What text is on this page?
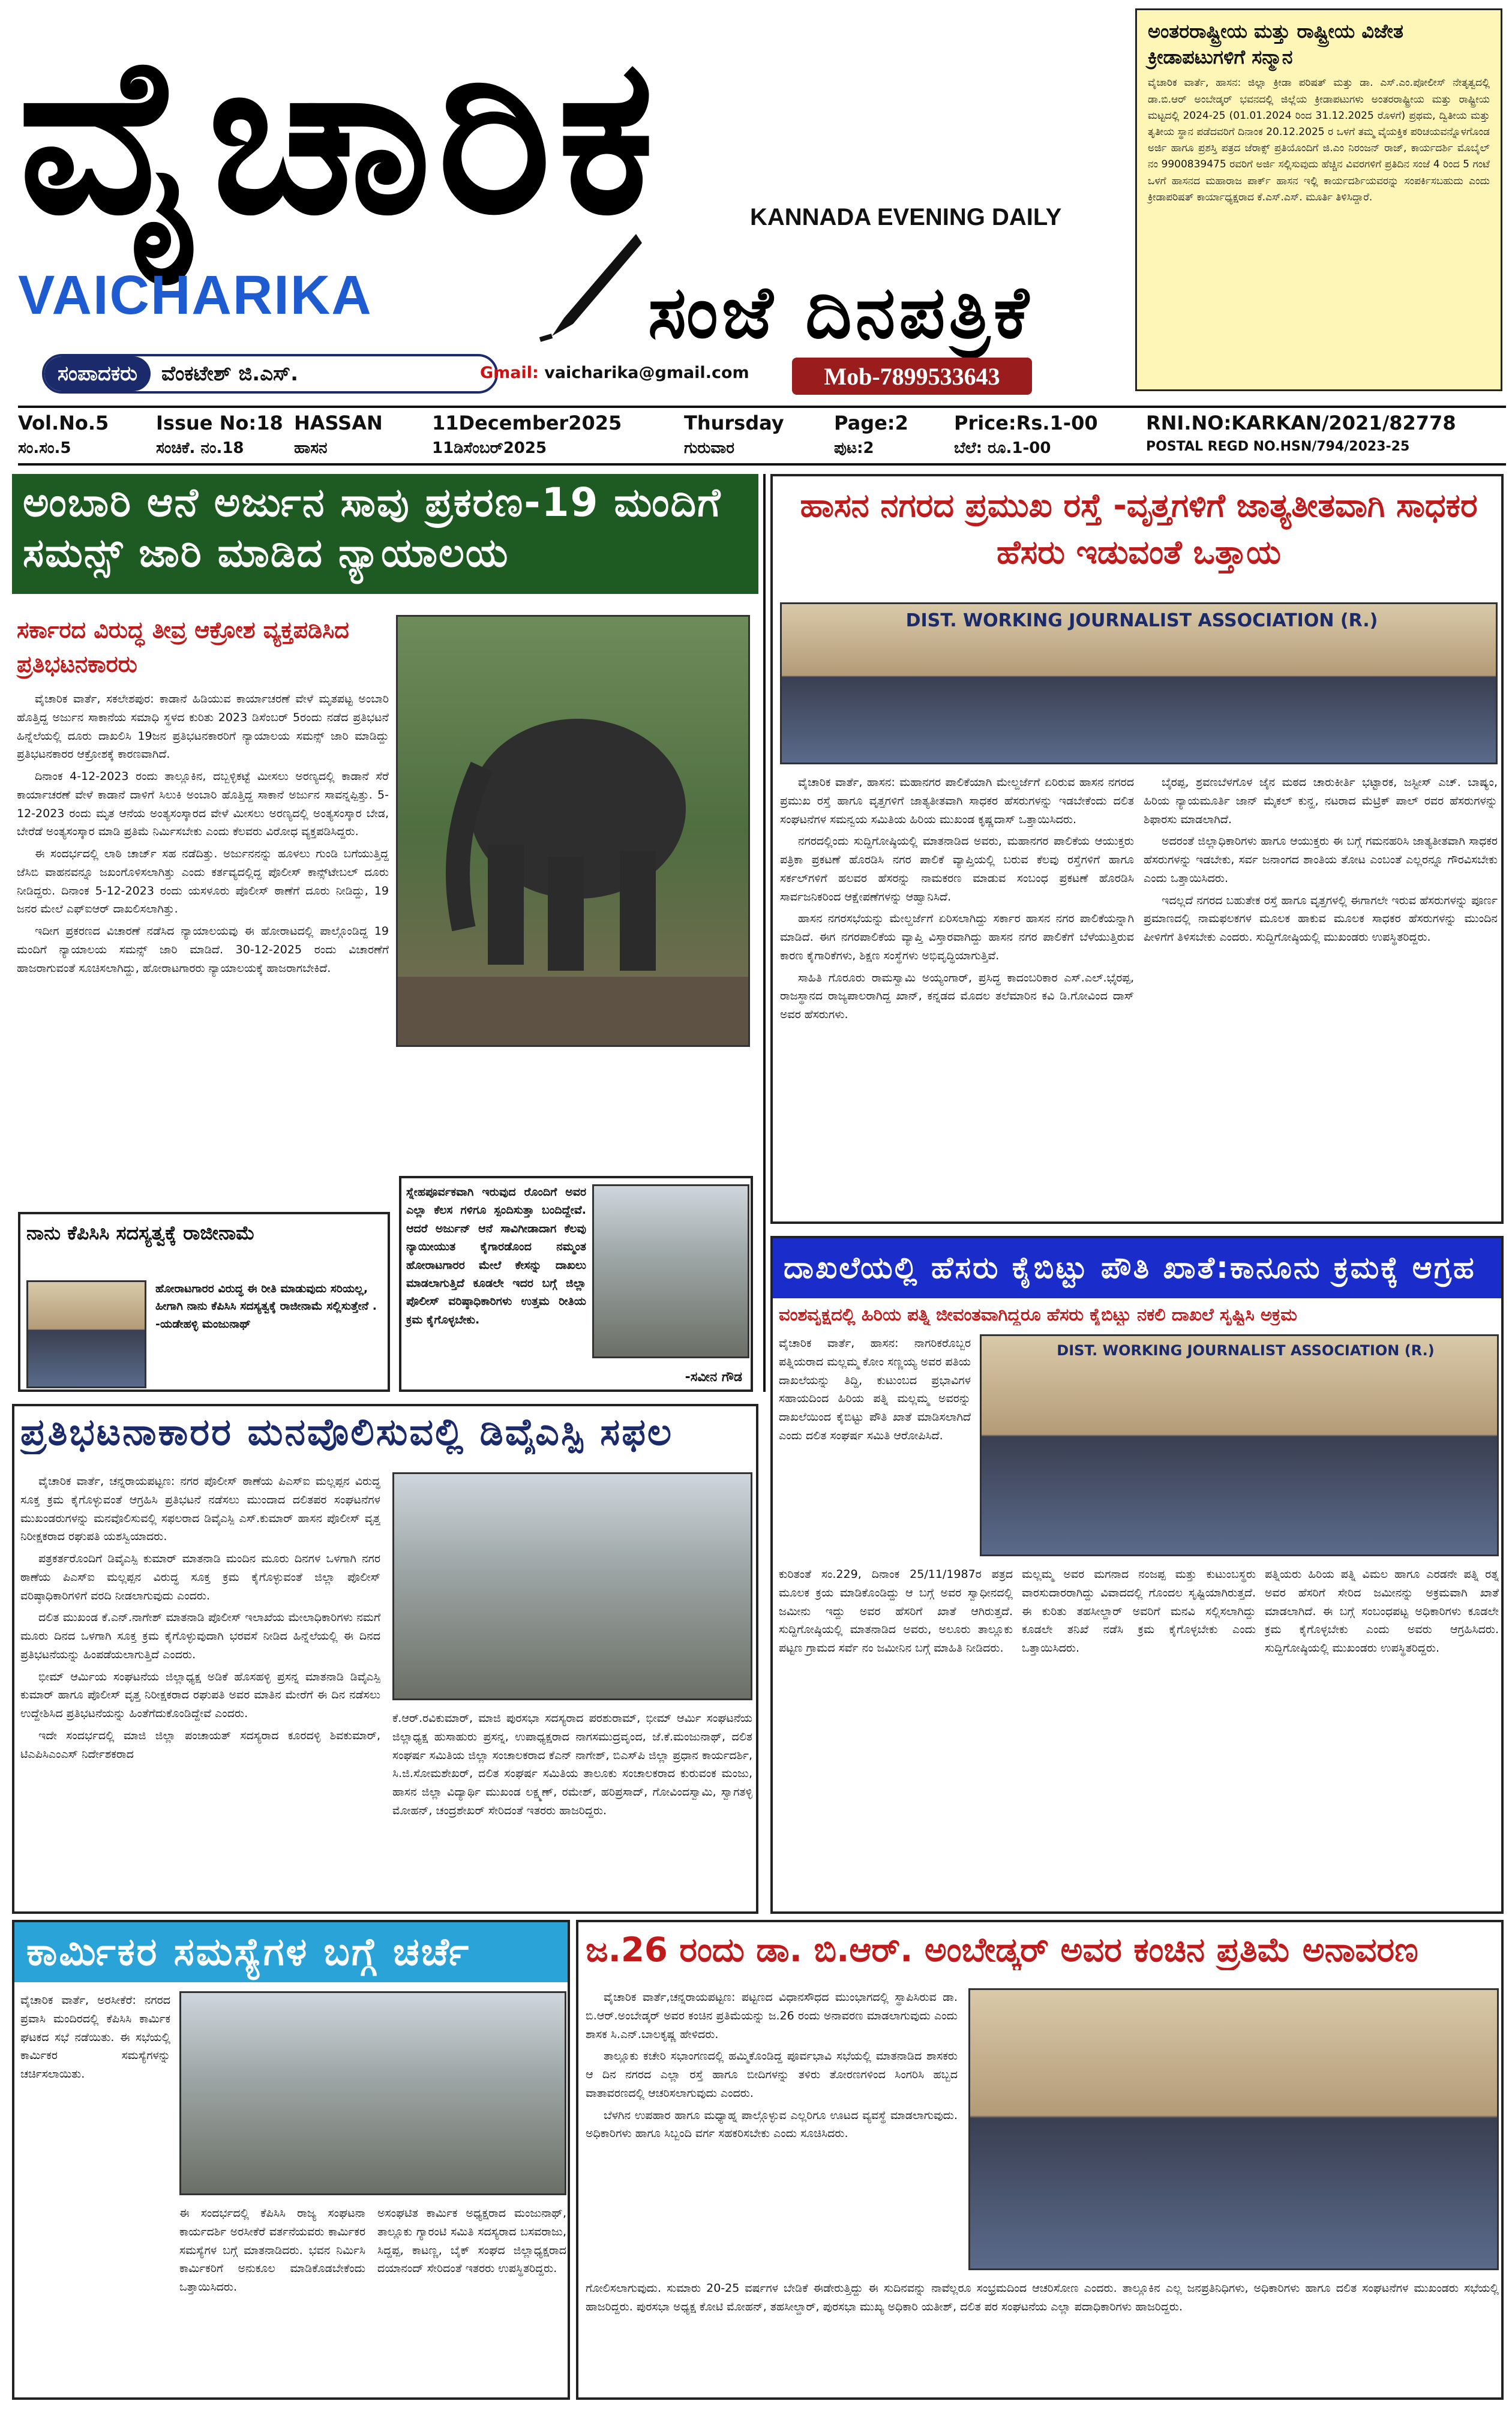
ವೈಚಾರಿಕ	KANNADA EVENING DAILY
VAICHARIKA	ಸಂಜೆ ದಿನಪತ್ರಿಕೆ
ಸಂಪಾದಕರು	ವೆಂಕಟೇಶ್ ಜಿ.ಎಸ್.	Gmail: vaicharika@gmail.com	Mob-7899533643
ಅಂತರರಾಷ್ಟ್ರೀಯ ಮತ್ತು ರಾಷ್ಟ್ರೀಯ ವಿಜೇತ ಕ್ರೀಡಾಪಟುಗಳಿಗೆ ಸನ್ಮಾನ
ವೈಚಾರಿಕ ವಾರ್ತೆ, ಹಾಸನ: ಜಿಲ್ಲಾ ಕ್ರೀಡಾ ಪರಿಷತ್ ಮತ್ತು ಡಾ. ಎಸ್.ಎಂ.ಪೋಲೀಸ್ ನೇತೃತ್ವದಲ್ಲಿ ಡಾ.ಬಿ.ಆರ್ ಅಂಬೇಡ್ಕರ್ ಭವನದಲ್ಲಿ ಜಿಲ್ಲೆಯ ಕ್ರೀಡಾಪಟುಗಳು ಅಂತರರಾಷ್ಟ್ರೀಯ ಮತ್ತು ರಾಷ್ಟ್ರೀಯ ಮಟ್ಟದಲ್ಲಿ 2024-25 (01.01.2024 ರಿಂದ 31.12.2025 ರೊಳಗೆ) ಪ್ರಥಮ, ದ್ವಿತೀಯ ಮತ್ತು ತೃತೀಯ ಸ್ಥಾನ ಪಡೆದವರಿಗೆ ದಿನಾಂಕ 20.12.2025 ರ ಒಳಗೆ ತಮ್ಮ ವೈಯಕ್ತಿಕ ಪರಿಚಯವನ್ನೊಳಗೊಂಡ ಅರ್ಜಿ ಹಾಗೂ ಪ್ರಶಸ್ತಿ ಪತ್ರದ ಜೆರಾಕ್ಸ್ ಪ್ರತಿಯೊಂದಿಗೆ ಜಿ.ಎಂ ನಿರಂಜನ್ ರಾಜ್, ಕಾರ್ಯದರ್ಶಿ ಮೊಬೈಲ್ ನಂ 9900839475 ರವರಿಗೆ ಅರ್ಜಿ ಸಲ್ಲಿಸುವುದು ಹೆಚ್ಚಿನ ವಿವರಗಳಿಗೆ ಪ್ರತಿದಿನ ಸಂಜೆ 4 ರಿಂದ 5 ಗಂಟೆ ಒಳಗೆ ಹಾಸನದ ಮಹಾರಾಜ ಪಾರ್ಕ್ ಹಾಸನ ಇಲ್ಲಿ ಕಾರ್ಯದರ್ಶಿಯವರನ್ನು ಸಂಪರ್ಕಿಸಬಹುದು ಎಂದು ಕ್ರೀಡಾಪರಿಷತ್ ಕಾರ್ಯಾಧ್ಯಕ್ಷರಾದ ಕೆ.ಎಸ್.ಎಸ್. ಮೂರ್ತಿ ತಿಳಿಸಿದ್ದಾರೆ.
Vol.No.5 Issue No:18 HASSAN	11December2025	Thursday	Page:2 Price:Rs.1-00	RNI.NO:KARKAN/2021/82778
ಸಂ.ಸಂ.5	ಸಂಚಿಕೆ. ನಂ.18	ಹಾಸನ	11ಡಿಸೆಂಬರ್2025	ಗುರುವಾರ	ಪುಟ:2	ಬೆಲೆ: ರೂ.1-00	POSTAL REGD NO.HSN/794/2023-25
ಅಂಬಾರಿ ಆನೆ ಅರ್ಜುನ ಸಾವು ಪ್ರಕರಣ-19 ಮಂದಿಗೆ ಸಮನ್ಸ್ ಜಾರಿ ಮಾಡಿದ ನ್ಯಾಯಾಲಯ
ಸರ್ಕಾರದ ವಿರುದ್ಧ ತೀವ್ರ ಆಕ್ರೋಶ ವ್ಯಕ್ತಪಡಿಸಿದ ಪ್ರತಿಭಟನಕಾರರು

ವೈಚಾರಿಕ ವಾರ್ತೆ, ಸಕಲೇಶಪುರ: ಕಾಡಾನೆ ಹಿಡಿಯುವ ಕಾರ್ಯಾಚರಣೆ ವೇಳೆ ಮೃತಪಟ್ಟ ಅಂಬಾರಿ ಹೊತ್ತಿದ್ದ ಅರ್ಜುನ ಸಾಕಾನೆಯ ಸಮಾಧಿ ಸ್ಥಳದ ಕುರಿತು 2023 ಡಿಸೆಂಬರ್ 5ರಂದು ನಡೆದ ಪ್ರತಿಭಟನೆ ಹಿನ್ನೆಲೆಯಲ್ಲಿ ದೂರು ದಾಖಲಿಸಿ 19ಜನ ಪ್ರತಿಭಟನಕಾರರಿಗೆ ನ್ಯಾಯಾಲಯ ಸಮನ್ಸ್ ಜಾರಿ ಮಾಡಿದ್ದು ಪ್ರತಿಭಟನಕಾರರ ಆಕ್ರೋಶಕ್ಕೆ ಕಾರಣವಾಗಿದೆ.

ದಿನಾಂಕ 4-12-2023 ರಂದು ತಾಲ್ಲೂಕಿನ, ದಬ್ಬಳ್ಳಿಕಟ್ಟೆ ಮೀಸಲು ಅರಣ್ಯದಲ್ಲಿ ಕಾಡಾನೆ ಸೆರೆ ಕಾರ್ಯಾಚರಣೆ ವೇಳೆ ಕಾಡಾನೆ ದಾಳಿಗೆ ಸಿಲುಕಿ ಅಂಬಾರಿ ಹೊತ್ತಿದ್ದ ಸಾಕಾನೆ ಅರ್ಜುನ ಸಾವನ್ನಪ್ಪಿತ್ತು. 5-12-2023 ರಂದು ಮೃತ ಆನೆಯ ಅಂತ್ಯಸಂಸ್ಕಾರದ ವೇಳೆ ಮೀಸಲು ಅರಣ್ಯದಲ್ಲಿ ಅಂತ್ಯಸಂಸ್ಕಾರ ಬೇಡ, ಬೇರೆಡೆ ಅಂತ್ಯಸಂಸ್ಕಾರ ಮಾಡಿ ಪ್ರತಿಮೆ ನಿರ್ಮಿಸಬೇಕು ಎಂದು ಕೆಲವರು ವಿರೋಧ ವ್ಯಕ್ತಪಡಿಸಿದ್ದರು.

ಈ ಸಂದರ್ಭದಲ್ಲಿ ಲಾಠಿ ಚಾರ್ಜ್ ಸಹ ನಡೆದಿತ್ತು. ಅರ್ಜುನನನ್ನು ಹೂಳಲು ಗುಂಡಿ ಬಗೆಯುತ್ತಿದ್ದ ಜೆಸಿಬಿ ವಾಹನವನ್ನೂ ಜಖಂಗೊಳಿಸಲಾಗಿತ್ತು ಎಂದು ಕರ್ತವ್ಯದಲ್ಲಿದ್ದ ಪೊಲೀಸ್ ಕಾನ್ಸ್‌ಟೇಬಲ್ ದೂರು ನೀಡಿದ್ದರು. ದಿನಾಂಕ 5-12-2023 ರಂದು ಯಸಳೂರು ಪೊಲೀಸ್ ಠಾಣೆಗೆ ದೂರು ನೀಡಿದ್ದು, 19 ಜನರ ಮೇಲೆ ಎಫ್‌ಐಆರ್ ದಾಖಲಿಸಲಾಗಿತ್ತು.

ಇದೀಗ ಪ್ರಕರಣದ ವಿಚಾರಣೆ ನಡೆಸಿದ ನ್ಯಾಯಾಲಯವು ಈ ಹೋರಾಟದಲ್ಲಿ ಪಾಲ್ಗೊಂಡಿದ್ದ 19 ಮಂದಿಗೆ ನ್ಯಾಯಾಲಯ ಸಮನ್ಸ್ ಜಾರಿ ಮಾಡಿದೆ. 30-12-2025 ರಂದು ವಿಚಾರಣೆಗೆ ಹಾಜರಾಗುವಂತೆ ಸೂಚಿಸಲಾಗಿದ್ದು, ಹೋರಾಟಗಾರರು ನ್ಯಾಯಾಲಯಕ್ಕೆ ಹಾಜರಾಗಬೇಕಿದೆ.

ನಾನು ಕೆಪಿಸಿಸಿ ಸದಸ್ಯತ್ವಕ್ಕೆ ರಾಜೀನಾಮೆ
ಹೋರಾಟಗಾರರ ವಿರುದ್ಧ ಈ ರೀತಿ ಮಾಡುವುದು ಸರಿಯಲ್ಲ, ಹೀಗಾಗಿ ನಾನು ಕೆಪಿಸಿಸಿ ಸದಸ್ಯತ್ವಕ್ಕೆ ರಾಜೀನಾಮೆ ಸಲ್ಲಿಸುತ್ತೇನೆ . -ಯಡೇಹಳ್ಳಿ ಮಂಜುನಾಥ್
ಸ್ನೇಹಪೂರ್ವಕವಾಗಿ ಇರುವುದ ರೊಂದಿಗೆ ಅವರ ಎಲ್ಲಾ ಕೆಲಸ ಗಳಿಗೂ ಸ್ಪಂದಿಸುತ್ತಾ ಬಂದಿದ್ದೇವೆ. ಆದರೆ ಅರ್ಜುನ್ ಆನೆ ಸಾವಿಗೀಡಾದಾಗ ಕೆಲವು ನ್ಯಾಯೀಯುತ ಕೈಗಾರಡೊಂದ ನಮ್ಮಂತ ಹೋರಾಟಗಾರರ ಮೇಲೆ ಕೇಸನ್ನು ದಾಖಲು ಮಾಡಲಾಗುತ್ತಿದೆ ಕೂಡಲೇ ಇದರ ಬಗ್ಗೆ ಜಿಲ್ಲಾ ಪೊಲೀಸ್ ವರಿಷ್ಠಾಧಿಕಾರಿಗಳು ಉತ್ತಮ ರೀತಿಯ ಕ್ರಮ ಕೈಗೊಳ್ಳಬೇಕು.
-ಸವೀನ ಗೌಡ
ಹಾಸನ ನಗರದ ಪ್ರಮುಖ ರಸ್ತೆ -ವೃತ್ತಗಳಿಗೆ ಜಾತ್ಯತೀತವಾಗಿ ಸಾಧಕರ ಹೆಸರು ಇಡುವಂತೆ ಒತ್ತಾಯ
DIST. WORKING JOURNALIST ASSOCIATION (R.)

ವೈಚಾರಿಕ ವಾರ್ತೆ, ಹಾಸನ: ಮಹಾನಗರ ಪಾಲಿಕೆಯಾಗಿ ಮೇಲ್ದರ್ಜೆಗೆ ಏರಿರುವ ಹಾಸನ ನಗರದ ಪ್ರಮುಖ ರಸ್ತೆ ಹಾಗೂ ವೃತ್ತಗಳಿಗೆ ಜಾತ್ಯತೀತವಾಗಿ ಸಾಧಕರ ಹೆಸರುಗಳನ್ನು ಇಡಬೇಕೆಂದು ದಲಿತ ಸಂಘಟನೆಗಳ ಸಮನ್ವಯ ಸಮಿತಿಯ ಹಿರಿಯ ಮುಖಂಡ ಕೃಷ್ಣದಾಸ್ ಒತ್ತಾಯಿಸಿದರು.

ನಗರದಲ್ಲಿಂದು ಸುದ್ದಿಗೋಷ್ಠಿಯಲ್ಲಿ ಮಾತನಾಡಿದ ಅವರು, ಮಹಾನಗರ ಪಾಲಿಕೆಯ ಆಯುಕ್ತರು ಪತ್ರಿಕಾ ಪ್ರಕಟಣೆ ಹೊರಡಿಸಿ ನಗರ ಪಾಲಿಕೆ ವ್ಯಾಪ್ತಿಯಲ್ಲಿ ಬರುವ ಕೆಲವು ರಸ್ತೆಗಳಿಗೆ ಹಾಗೂ ಸರ್ಕಲ್‌ಗಳಿಗೆ ಹಲವರ ಹೆಸರನ್ನು ನಾಮಕರಣ ಮಾಡುವ ಸಂಬಂಧ ಪ್ರಕಟಣೆ ಹೊರಡಿಸಿ ಸಾರ್ವಜನಿಕರಿಂದ ಆಕ್ಷೇಪಣೆಗಳನ್ನು ಆಹ್ವಾನಿಸಿದೆ.

ಹಾಸನ ನಗರಸಭೆಯನ್ನು ಮೇಲ್ದರ್ಜೆಗೆ ಏರಿಸಲಾಗಿದ್ದು ಸರ್ಕಾರ ಹಾಸನ ನಗರ ಪಾಲಿಕೆಯನ್ನಾಗಿ ಮಾಡಿದೆ. ಈಗ ನಗರಪಾಲಿಕೆಯ ವ್ಯಾಪ್ತಿ ವಿಸ್ತಾರವಾಗಿದ್ದು ಹಾಸನ ನಗರ ಪಾಲಿಕೆಗೆ ಬೆಳೆಯುತ್ತಿರುವ ಕಾರಣ ಕೈಗಾರಿಕೆಗಳು, ಶಿಕ್ಷಣ ಸಂಸ್ಥೆಗಳು ಅಭಿವೃದ್ಧಿಯಾಗುತ್ತಿವೆ.

ಸಾಹಿತಿ ಗೊರೂರು ರಾಮಸ್ವಾಮಿ ಅಯ್ಯಂಗಾರ್, ಪ್ರಸಿದ್ಧ ಕಾದಂಬರಿಕಾರ ಎಸ್.ಎಲ್.ಭೈರಪ್ಪ, ರಾಜಸ್ಥಾನದ ರಾಜ್ಯಪಾಲರಾಗಿದ್ದ ಖಾನ್, ಕನ್ನಡದ ಮೊದಲ ತಲೆಮಾರಿನ ಕವಿ ಡಿ.ಗೋವಿಂದ ದಾಸ್ ಅವರ ಹೆಸರುಗಳು.

ಬೈರಪ್ಪ, ಶ್ರವಣಬೆಳಗೊಳ ಜೈನ ಮಠದ ಚಾರುಕೀರ್ತಿ ಭಟ್ಟಾರಕ, ಜಸ್ಟೀಸ್ ಎಚ್. ಬಾಷ್ಯಂ, ಹಿರಿಯ ನ್ಯಾಯಮೂರ್ತಿ ಜಾನ್ ಮೈಕಲ್ ಕುನ್ಹ, ನಟರಾದ ಮೆಟ್ರಿಕ್ ಪಾಲ್ ರವರ ಹೆಸರುಗಳನ್ನು ಶಿಫಾರಸು ಮಾಡಲಾಗಿದೆ.

ಅದರಂತೆ ಜಿಲ್ಲಾಧಿಕಾರಿಗಳು ಹಾಗೂ ಆಯುಕ್ತರು ಈ ಬಗ್ಗೆ ಗಮನಹರಿಸಿ ಜಾತ್ಯತೀತವಾಗಿ ಸಾಧಕರ ಹೆಸರುಗಳನ್ನು ಇಡಬೇಕು, ಸರ್ವ ಜನಾಂಗದ ಶಾಂತಿಯ ತೋಟ ಎಂಬಂತೆ ಎಲ್ಲರನ್ನೂ ಗೌರವಿಸಬೇಕು ಎಂದು ಒತ್ತಾಯಿಸಿದರು.

ಇದಲ್ಲದೆ ನಗರದ ಬಹುತೇಕ ರಸ್ತೆ ಹಾಗೂ ವೃತ್ತಗಳಲ್ಲಿ ಈಗಾಗಲೇ ಇರುವ ಹೆಸರುಗಳನ್ನು ಪೂರ್ಣ ಪ್ರಮಾಣದಲ್ಲಿ ನಾಮಫಲಕಗಳ ಮೂಲಕ ಹಾಕುವ ಮೂಲಕ ಸಾಧಕರ ಹೆಸರುಗಳನ್ನು ಮುಂದಿನ ಪೀಳಿಗೆಗೆ ತಿಳಿಸಬೇಕು ಎಂದರು. ಸುದ್ದಿಗೋಷ್ಠಿಯಲ್ಲಿ ಮುಖಂಡರು ಉಪಸ್ಥಿತರಿದ್ದರು.

ದಾಖಲೆಯಲ್ಲಿ ಹೆಸರು ಕೈಬಿಟ್ಟು ಪೌತಿ ಖಾತೆ:ಕಾನೂನು ಕ್ರಮಕ್ಕೆ ಆಗ್ರಹ
ವಂಶವೃಕ್ಷದಲ್ಲಿ ಹಿರಿಯ ಪತ್ನಿ ಜೀವಂತವಾಗಿದ್ದರೂ ಹೆಸರು ಕೈಬಿಟ್ಟು ನಕಲಿ ದಾಖಲೆ ಸೃಷ್ಟಿಸಿ ಅಕ್ರಮ
ವೈಚಾರಿಕ ವಾರ್ತೆ, ಹಾಸನ: ನಾಗರಿಕರೊಬ್ಬರ ಪತ್ನಿಯರಾದ ಮಲ್ಲಮ್ಮ ಕೋಂ ಸಣ್ಣಯ್ಯ ಅವರ ಪತಿಯ ದಾಖಲೆಯನ್ನು ತಿದ್ದಿ, ಕುಟುಂಬದ ಪ್ರಭಾವಿಗಳ ಸಹಾಯದಿಂದ ಹಿರಿಯ ಪತ್ನಿ ಮಲ್ಲಮ್ಮ ಅವರನ್ನು ದಾಖಲೆಯಿಂದ ಕೈಬಿಟ್ಟು ಪೌತಿ ಖಾತೆ ಮಾಡಿಸಲಾಗಿದೆ ಎಂದು ದಲಿತ ಸಂಘರ್ಷ ಸಮಿತಿ ಆರೋಪಿಸಿದೆ.
DIST. WORKING JOURNALIST ASSOCIATION (R.)
ಕುರಿತಂತೆ ಸಂ.229, ದಿನಾಂಕ 25/11/1987ರ ಪತ್ರದ ಮೂಲಕ ಕ್ರಯ ಮಾಡಿಕೊಂಡಿದ್ದು ಆ ಬಗ್ಗೆ ಅವರ ಸ್ವಾಧೀನದಲ್ಲಿ ಜಮೀನು ಇದ್ದು ಅವರ ಹೆಸರಿಗೆ ಖಾತೆ ಆಗಿರುತ್ತದೆ. ಸುದ್ದಿಗೋಷ್ಠಿಯಲ್ಲಿ ಮಾತನಾಡಿದ ಅವರು, ಅಲೂರು ತಾಲ್ಲೂಕು ಪಟ್ಟಣ ಗ್ರಾಮದ ಸರ್ವೆ ನಂ ಜಮೀನಿನ ಬಗ್ಗೆ ಮಾಹಿತಿ ನೀಡಿದರು.
ಮಲ್ಲಮ್ಮ ಅವರ ಮಗನಾದ ನಂಜಪ್ಪ ಮತ್ತು ಕುಟುಂಬಸ್ಥರು ವಾರಸುದಾರರಾಗಿದ್ದು ವಿವಾದದಲ್ಲಿ ಗೊಂದಲ ಸೃಷ್ಟಿಯಾಗಿರುತ್ತದೆ. ಈ ಕುರಿತು ತಹಸೀಲ್ದಾರ್ ಅವರಿಗೆ ಮನವಿ ಸಲ್ಲಿಸಲಾಗಿದ್ದು ಕೂಡಲೇ ತನಿಖೆ ನಡೆಸಿ ಕ್ರಮ ಕೈಗೊಳ್ಳಬೇಕು ಎಂದು ಒತ್ತಾಯಿಸಿದರು.
ಪತ್ನಿಯರು ಹಿರಿಯ ಪತ್ನಿ ವಿಮಲ ಹಾಗೂ ಎರಡನೇ ಪತ್ನಿ ರತ್ನ ಅವರ ಹೆಸರಿಗೆ ಸೇರಿದ ಜಮೀನನ್ನು ಅಕ್ರಮವಾಗಿ ಖಾತೆ ಮಾಡಲಾಗಿದೆ. ಈ ಬಗ್ಗೆ ಸಂಬಂಧಪಟ್ಟ ಅಧಿಕಾರಿಗಳು ಕೂಡಲೇ ಕ್ರಮ ಕೈಗೊಳ್ಳಬೇಕು ಎಂದು ಅವರು ಆಗ್ರಹಿಸಿದರು. ಸುದ್ದಿಗೋಷ್ಠಿಯಲ್ಲಿ ಮುಖಂಡರು ಉಪಸ್ಥಿತರಿದ್ದರು.
ಪ್ರತಿಭಟನಾಕಾರರ ಮನವೊಲಿಸುವಲ್ಲಿ ಡಿವೈಎಸ್ಪಿ ಸಫಲ

ವೈಚಾರಿಕ ವಾರ್ತೆ, ಚನ್ನರಾಯಪಟ್ಟಣ: ನಗರ ಪೊಲೀಸ್ ಠಾಣೆಯ ಪಿಎಸ್‌ಐ ಮಲ್ಲಪ್ಪನ ವಿರುದ್ಧ ಸೂಕ್ತ ಕ್ರಮ ಕೈಗೊಳ್ಳುವಂತೆ ಆಗ್ರಹಿಸಿ ಪ್ರತಿಭಟನೆ ನಡೆಸಲು ಮುಂದಾದ ದಲಿತಪರ ಸಂಘಟನೆಗಳ ಮುಖಂಡರುಗಳನ್ನು ಮನವೊಲಿಸುವಲ್ಲಿ ಸಫಲರಾದ ಡಿವೈಎಸ್ಪಿ ಎಸ್.ಕುಮಾರ್ ಹಾಸನ ಪೊಲೀಸ್ ವೃತ್ತ ನಿರೀಕ್ಷಕರಾದ ರಘುಪತಿ ಯಶಸ್ವಿಯಾದರು.

ಪತ್ರಕರ್ತರೊಂದಿಗೆ ಡಿವೈಎಸ್ಪಿ ಕುಮಾರ್ ಮಾತನಾಡಿ ಮಂದಿನ ಮೂರು ದಿನಗಳ ಒಳಗಾಗಿ ನಗರ ಠಾಣೆಯ ಪಿಎಸ್‌ಐ ಮಲ್ಲಪ್ಪನ ವಿರುದ್ಧ ಸೂಕ್ತ ಕ್ರಮ ಕೈಗೊಳ್ಳುವಂತೆ ಜಿಲ್ಲಾ ಪೊಲೀಸ್ ವರಿಷ್ಠಾಧಿಕಾರಿಗಳಿಗೆ ವರದಿ ನೀಡಲಾಗುವುದು ಎಂದರು.

ದಲಿತ ಮುಖಂಡ ಕೆ.ಎನ್.ನಾಗೇಶ್ ಮಾತನಾಡಿ ಪೊಲೀಸ್ ಇಲಾಖೆಯ ಮೇಲಾಧಿಕಾರಿಗಳು ನಮಗೆ ಮೂರು ದಿನದ ಒಳಗಾಗಿ ಸೂಕ್ತ ಕ್ರಮ ಕೈಗೊಳ್ಳುವುದಾಗಿ ಭರವಸೆ ನೀಡಿದ ಹಿನ್ನೆಲೆಯಲ್ಲಿ ಈ ದಿನದ ಪ್ರತಿಭಟನೆಯನ್ನು ಹಿಂಪಡೆಯಲಾಗುತ್ತಿದೆ ಎಂದರು.

ಭೀಮ್ ಆರ್ಮಿಯ ಸಂಘಟನೆಯ ಜಿಲ್ಲಾಧ್ಯಕ್ಷ ಅಡಿಕೆ ಹೊಸಹಳ್ಳಿ ಪ್ರಸನ್ನ ಮಾತನಾಡಿ ಡಿವೈಎಸ್ಪಿ ಕುಮಾರ್ ಹಾಗೂ ಪೊಲೀಸ್ ವೃತ್ತ ನಿರೀಕ್ಷಕರಾದ ರಘುಪತಿ ಅವರ ಮಾತಿನ ಮೇರೆಗೆ ಈ ದಿನ ನಡೆಸಲು ಉದ್ದೇಶಿಸಿದ ಪ್ರತಿಭಟನೆಯನ್ನು ಹಿಂತೆಗೆದುಕೊಂಡಿದ್ದೇವೆ ಎಂದರು.

ಇದೇ ಸಂದರ್ಭದಲ್ಲಿ ಮಾಜಿ ಜಿಲ್ಲಾ ಪಂಚಾಯತ್ ಸದಸ್ಯರಾದ ಕೂರದಳ್ಳಿ ಶಿವಕುಮಾರ್, ಟಿಎಪಿಸಿಎಂಎಸ್ ನಿರ್ದೇಶಕರಾದ

ಕೆ.ಆರ್.ರವಿಕುಮಾರ್, ಮಾಜಿ ಪುರಸಭಾ ಸದಸ್ಯರಾದ ಪರಶುರಾಮ್, ಭೀಮ್ ಆರ್ಮಿ ಸಂಘಟನೆಯ ಜಿಲ್ಲಾಧ್ಯಕ್ಷ ಹುಸಾಹುರು ಪ್ರಸನ್ನ, ಉಪಾಧ್ಯಕ್ಷರಾದ ನಾಗಸಮುದ್ರವೃಂದ, ಜೆ.ಕೆ.ಮಂಜುನಾಥ್, ದಲಿತ ಸಂಘರ್ಷ ಸಮಿತಿಯ ಜಿಲ್ಲಾ ಸಂಚಾಲಕರಾದ ಕೆಎನ್ ನಾಗೇಶ್, ಬಿಎಸ್‌ಪಿ ಜಿಲ್ಲಾ ಪ್ರಧಾನ ಕಾರ್ಯದರ್ಶಿ, ಸಿ.ಜಿ.ಸೋಮಶೇಖರ್, ದಲಿತ ಸಂಘರ್ಷ ಸಮಿತಿಯ ತಾಲೂಕು ಸಂಚಾಲಕರಾದ ಕುರುವಂಕ ಮಂಜು, ಹಾಸನ ಜಿಲ್ಲಾ ವಿದ್ಯಾರ್ಥಿ ಮುಖಂಡ ಲಕ್ಷ್ಮಣ್, ರಮೇಶ್, ಹರಿಪ್ರಸಾದ್, ಗೋವಿಂದಸ್ವಾಮಿ, ಸ್ವಾಗತಳ್ಳಿ ಮೋಹನ್, ಚಂದ್ರಶೇಖರ್ ಸೇರಿದಂತೆ ಇತರರು ಹಾಜರಿದ್ದರು.
ಕಾರ್ಮಿಕರ ಸಮಸ್ಯೆಗಳ ಬಗ್ಗೆ ಚರ್ಚೆ
ವೈಚಾರಿಕ ವಾರ್ತೆ, ಅರಸೀಕೆರೆ: ನಗರದ ಪ್ರವಾಸಿ ಮಂದಿರದಲ್ಲಿ ಕೆಪಿಸಿಸಿ ಕಾರ್ಮಿಕ ಘಟಕದ ಸಭೆ ನಡೆಯಿತು. ಈ ಸಭೆಯಲ್ಲಿ ಕಾರ್ಮಿಕರ ಸಮಸ್ಯೆಗಳನ್ನು ಚರ್ಚಿಸಲಾಯಿತು.
ಈ ಸಂದರ್ಭದಲ್ಲಿ ಕೆಪಿಸಿಸಿ ರಾಜ್ಯ ಸಂಘಟನಾ ಕಾರ್ಯದರ್ಶಿ ಅರಸೀಕೆರೆ ವರ್ತನೆಯವರು ಕಾರ್ಮಿಕರ ಸಮಸ್ಯೆಗಳ ಬಗ್ಗೆ ಮಾತನಾಡಿದರು. ಭವನ ನಿರ್ಮಿಸಿ ಕಾರ್ಮಿಕರಿಗೆ ಅನುಕೂಲ ಮಾಡಿಕೊಡಬೇಕೆಂದು ಒತ್ತಾಯಿಸಿದರು.
ಅಸಂಘಟಿತ ಕಾರ್ಮಿಕ ಅಧ್ಯಕ್ಷರಾದ ಮಂಜುನಾಥ್, ತಾಲ್ಲೂಕು ಗ್ಯಾರಂಟಿ ಸಮಿತಿ ಸದಸ್ಯರಾದ ಬಸವರಾಜು, ಸಿದ್ದಪ್ಪ, ಕಾಟಣ್ಣ, ಬೈಕ್ ಸಂಘದ ಜಿಲ್ಲಾಧ್ಯಕ್ಷರಾದ ದಯಾನಂದ್ ಸೇರಿದಂತೆ ಇತರರು ಉಪಸ್ಥಿತರಿದ್ದರು.
ಜ.26 ರಂದು ಡಾ. ಬಿ.ಆರ್. ಅಂಬೇಡ್ಕರ್ ಅವರ ಕಂಚಿನ ಪ್ರತಿಮೆ ಅನಾವರಣ

ವೈಚಾರಿಕ ವಾರ್ತೆ,ಚನ್ನರಾಯಪಟ್ಟಣ: ಪಟ್ಟಣದ ವಿಧಾನಸೌಧದ ಮುಂಭಾಗದಲ್ಲಿ ಸ್ಥಾಪಿಸಿರುವ ಡಾ. ಬಿ.ಆರ್.ಅಂಬೇಡ್ಕರ್ ಅವರ ಕಂಚಿನ ಪ್ರತಿಮೆಯನ್ನು ಜ.26 ರಂದು ಅನಾವರಣ ಮಾಡಲಾಗುವುದು ಎಂದು ಶಾಸಕ ಸಿ.ಎನ್.ಬಾಲಕೃಷ್ಣ ಹೇಳಿದರು.

ತಾಲ್ಲೂಕು ಕಚೇರಿ ಸಭಾಂಗಣದಲ್ಲಿ ಹಮ್ಮಿಕೊಂಡಿದ್ದ ಪೂರ್ವಭಾವಿ ಸಭೆಯಲ್ಲಿ ಮಾತನಾಡಿದ ಶಾಸಕರು ಆ ದಿನ ನಗರದ ಎಲ್ಲಾ ರಸ್ತೆ ಹಾಗೂ ಬೀದಿಗಳನ್ನು ತಳಿರು ತೋರಣಗಳಿಂದ ಸಿಂಗರಿಸಿ ಹಬ್ಬದ ವಾತಾವರಣದಲ್ಲಿ ಆಚರಿಸಲಾಗುವುದು ಎಂದರು.

ಬೆಳಗಿನ ಉಪಹಾರ ಹಾಗೂ ಮಧ್ಯಾಹ್ನ ಪಾಲ್ಗೊಳ್ಳುವ ಎಲ್ಲರಿಗೂ ಊಟದ ವ್ಯವಸ್ಥೆ ಮಾಡಲಾಗುವುದು. ಅಧಿಕಾರಿಗಳು ಹಾಗೂ ಸಿಬ್ಬಂದಿ ವರ್ಗ ಸಹಕರಿಸಬೇಕು ಎಂದು ಸೂಚಿಸಿದರು.

ಗೋಲಿಸಲಾಗುವುದು. ಸುಮಾರು 20-25 ವರ್ಷಗಳ ಬೇಡಿಕೆ ಈಡೇರುತ್ತಿದ್ದು ಈ ಸುದಿನವನ್ನು ನಾವೆಲ್ಲರೂ ಸಂಭ್ರಮದಿಂದ ಆಚರಿಸೋಣ ಎಂದರು. ತಾಲ್ಲೂಕಿನ ಎಲ್ಲ ಜನಪ್ರತಿನಿಧಿಗಳು, ಅಧಿಕಾರಿಗಳು ಹಾಗೂ ದಲಿತ ಸಂಘಟನೆಗಳ ಮುಖಂಡರು ಸಭೆಯಲ್ಲಿ ಹಾಜರಿದ್ದರು. ಪುರಸಭಾ ಅಧ್ಯಕ್ಷ ಕೋಟಿ ಮೋಹನ್, ತಹಸೀಲ್ದಾರ್, ಪುರಸಭಾ ಮುಖ್ಯ ಅಧಿಕಾರಿ ಯತೀಶ್, ದಲಿತ ಪರ ಸಂಘಟನೆಯ ಎಲ್ಲಾ ಪದಾಧಿಕಾರಿಗಳು ಹಾಜರಿದ್ದರು.
